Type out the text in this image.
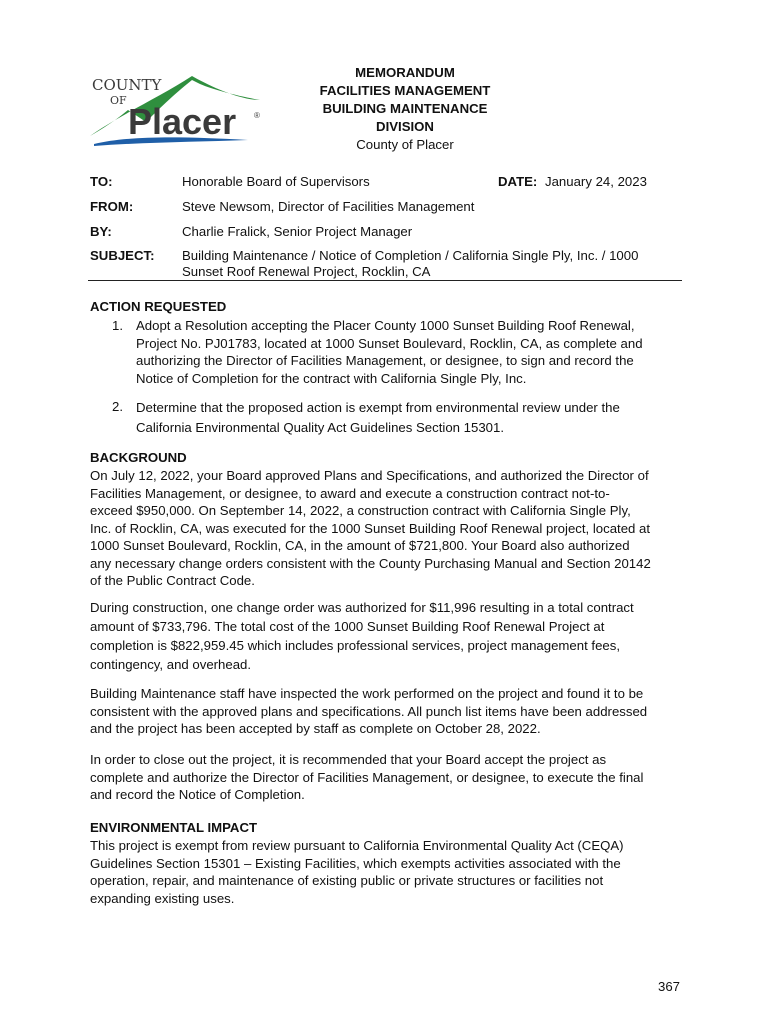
COUNTY
OF
Placer ®
MEMORANDUM
FACILITIES MANAGEMENT
BUILDING MAINTENANCE
DIVISION
County of Placer
TO:	Honorable Board of Supervisors	DATE: January 24, 2023
FROM:	Steve Newsom, Director of Facilities Management
BY:	Charlie Fralick, Senior Project Manager
SUBJECT: Building Maintenance / Notice of Completion / California Single Ply, Inc. / 1000
Sunset Roof Renewal Project, Rocklin, CA
ACTION REQUESTED
1. Adopt a Resolution accepting the Placer County 1000 Sunset Building Roof Renewal,
Project No. PJ01783, located at 1000 Sunset Boulevard, Rocklin, CA, as complete and
authorizing the Director of Facilities Management, or designee, to sign and record the
Notice of Completion for the contract with California Single Ply, Inc.
2. Determine that the proposed action is exempt from environmental review under the
California Environmental Quality Act Guidelines Section 15301.
BACKGROUND
On July 12, 2022, your Board approved Plans and Specifications, and authorized the Director of
Facilities Management, or designee, to award and execute a construction contract not-to-
exceed $950,000. On September 14, 2022, a construction contract with California Single Ply,
Inc. of Rocklin, CA, was executed for the 1000 Sunset Building Roof Renewal project, located at
1000 Sunset Boulevard, Rocklin, CA, in the amount of $721,800. Your Board also authorized
any necessary change orders consistent with the County Purchasing Manual and Section 20142
of the Public Contract Code.
During construction, one change order was authorized for $11,996 resulting in a total contract
amount of $733,796. The total cost of the 1000 Sunset Building Roof Renewal Project at
completion is $822,959.45 which includes professional services, project management fees,
contingency, and overhead.
Building Maintenance staff have inspected the work performed on the project and found it to be
consistent with the approved plans and specifications. All punch list items have been addressed
and the project has been accepted by staff as complete on October 28, 2022.
In order to close out the project, it is recommended that your Board accept the project as
complete and authorize the Director of Facilities Management, or designee, to execute the final
and record the Notice of Completion.
ENVIRONMENTAL IMPACT
This project is exempt from review pursuant to California Environmental Quality Act (CEQA)
Guidelines Section 15301 – Existing Facilities, which exempts activities associated with the
operation, repair, and maintenance of existing public or private structures or facilities not
expanding existing uses.
367
